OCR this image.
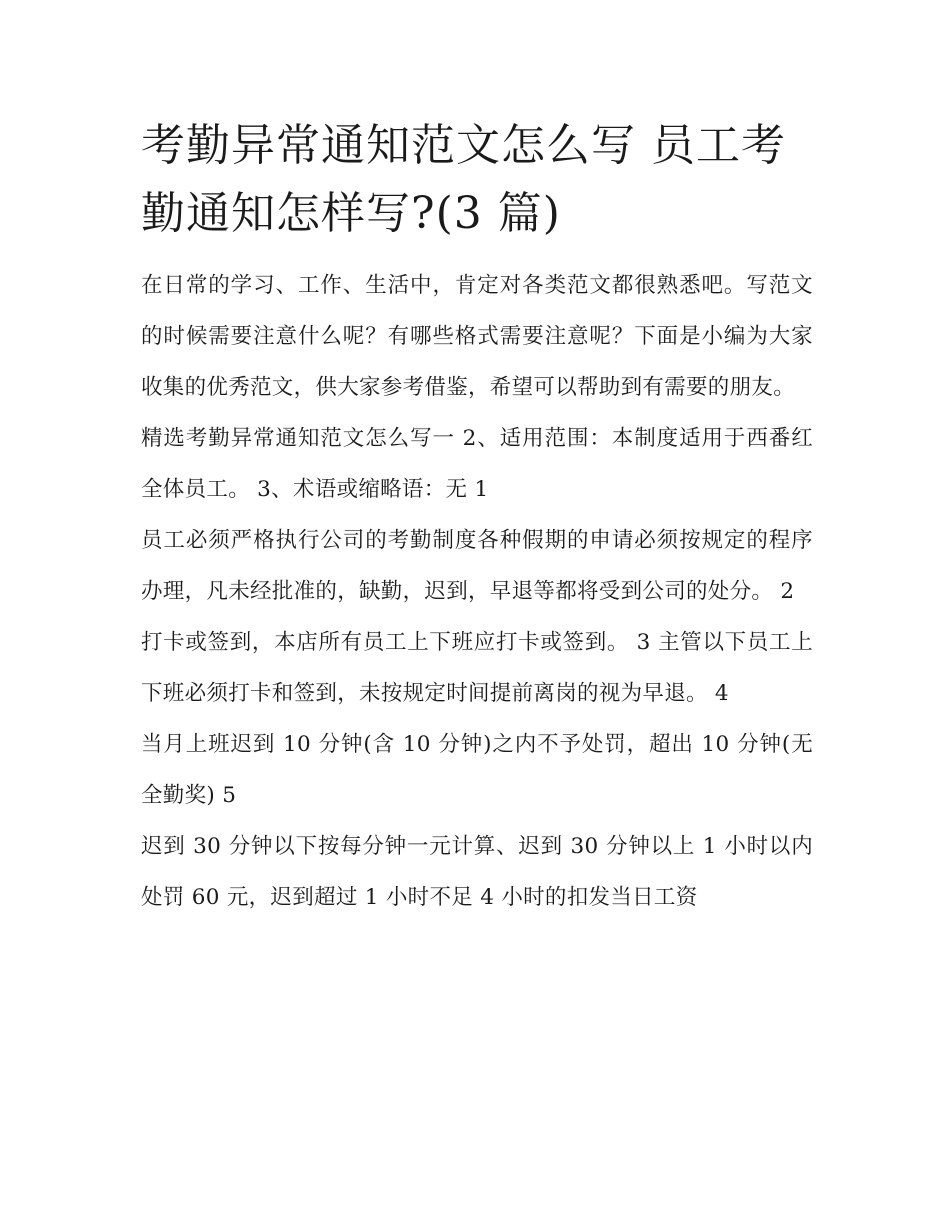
考勤异常通知范文怎么写 员工考勤通知怎样写?(3 篇)

在日常的学习、工作、生活中，肯定对各类范文都很熟悉吧。写范文的时候需要注意什么呢？有哪些格式需要注意呢？下面是小编为大家收集的优秀范文，供大家参考借鉴，希望可以帮助到有需要的朋友。

精选考勤异常通知范文怎么写一 2、适用范围：本制度适用于西番红全体员工。 3、术语或缩略语：无 1

员工必须严格执行公司的考勤制度各种假期的申请必须按规定的程序办理，凡未经批准的，缺勤，迟到，早退等都将受到公司的处分。 2

打卡或签到，本店所有员工上下班应打卡或签到。 3 主管以下员工上下班必须打卡和签到，未按规定时间提前离岗的视为早退。 4

当月上班迟到 10 分钟(含 10 分钟)之内不予处罚，超出 10 分钟(无全勤奖) 5

迟到 30 分钟以下按每分钟一元计算、迟到 30 分钟以上 1 小时以内处罚 60 元，迟到超过 1 小时不足 4 小时的扣发当日工资
